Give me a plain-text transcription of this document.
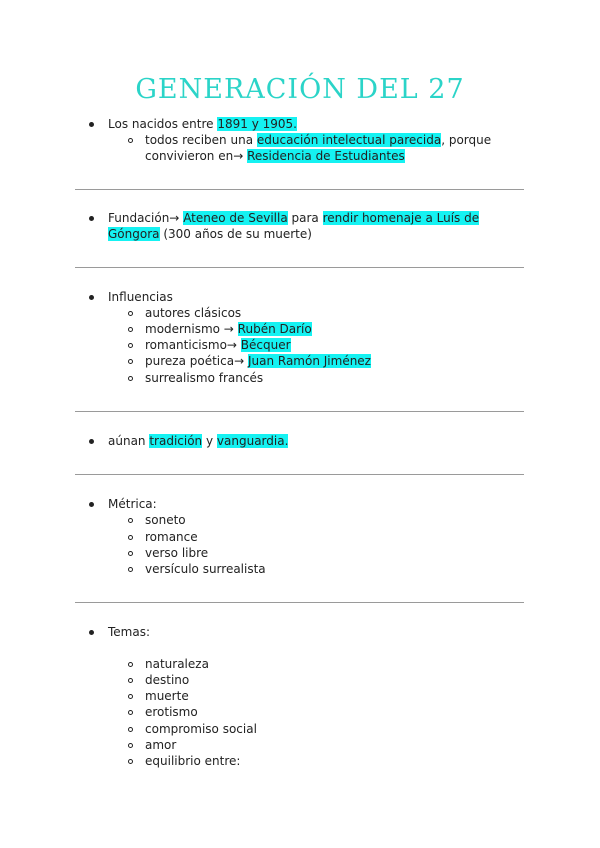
GENERACIÓN DEL 27
Los nacidos entre 1891 y 1905.
todos reciben una educación intelectual parecida, porque
convivieron en→ Residencia de Estudiantes
Fundación→ Ateneo de Sevilla para rendir homenaje a Luís de
Góngora (300 años de su muerte)
Influencias
autores clásicos
modernismo → Rubén Darío
romanticismo→ Bécquer
pureza poética→ Juan Ramón Jiménez
surrealismo francés
aúnan tradición y vanguardia.
Métrica:
soneto
romance
verso libre
versículo surrealista
Temas:
naturaleza
destino
muerte
erotismo
compromiso social
amor
equilibrio entre:
